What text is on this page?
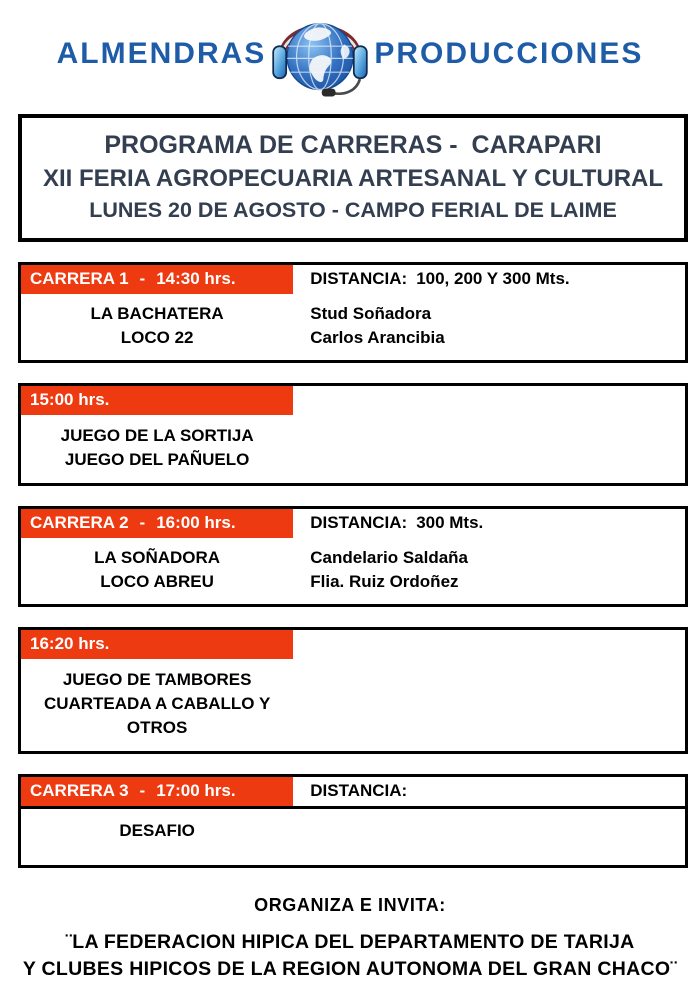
ALMENDRAS	PRODUCCIONES
PROGRAMA DE CARRERAS -  CARAPARI
XII FERIA AGROPECUARIA ARTESANAL Y CULTURAL
LUNES 20 DE AGOSTO - CAMPO FERIAL DE LAIME
CARRERA 1 - 14:30 hrs.	DISTANCIA: 100, 200 Y 300 Mts.
LA BACHATERA	Stud Soñadora
LOCO 22	Carlos Arancibia
15:00 hrs.
JUEGO DE LA SORTIJA
JUEGO DEL PAÑUELO
CARRERA 2 - 16:00 hrs.	DISTANCIA: 300 Mts.
LA SOÑADORA	Candelario Saldaña
LOCO ABREU	Flia. Ruiz Ordoñez
16:20 hrs.
JUEGO DE TAMBORES
CUARTEADA A CABALLO Y OTROS
CARRERA 3 - 17:00 hrs.	DISTANCIA:
DESAFIO
ORGANIZA E INVITA:
¨LA FEDERACION HIPICA DEL DEPARTAMENTO DE TARIJA
Y CLUBES HIPICOS DE LA REGION AUTONOMA DEL GRAN CHACO¨
